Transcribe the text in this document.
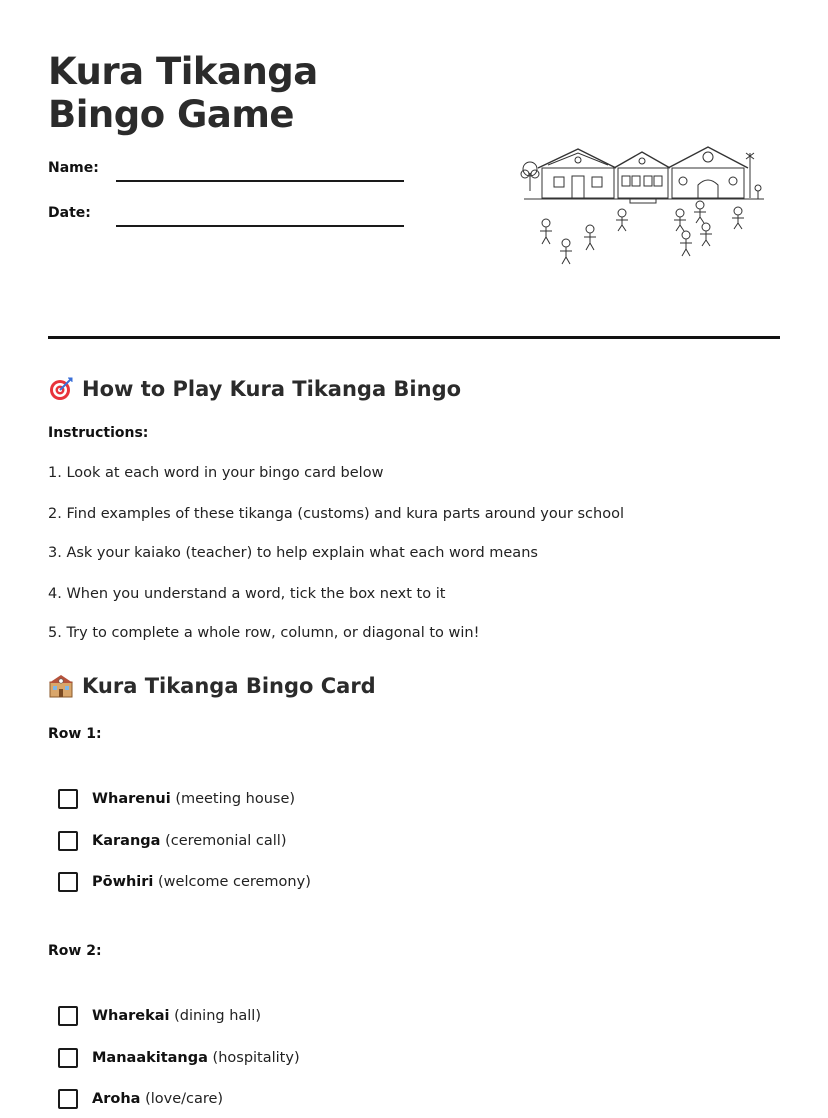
Kura Tikanga Bingo Game
Name:
Date:
How to Play Kura Tikanga Bingo
Instructions:
1. Look at each word in your bingo card below
2. Find examples of these tikanga (customs) and kura parts around your school
3. Ask your kaiako (teacher) to help explain what each word means
4. When you understand a word, tick the box next to it
5. Try to complete a whole row, column, or diagonal to win!
Kura Tikanga Bingo Card
Row 1:
Wharenui (meeting house)
Karanga (ceremonial call)
Pōwhiri (welcome ceremony)
Row 2:
Wharekai (dining hall)
Manaakitanga (hospitality)
Aroha (love/care)
